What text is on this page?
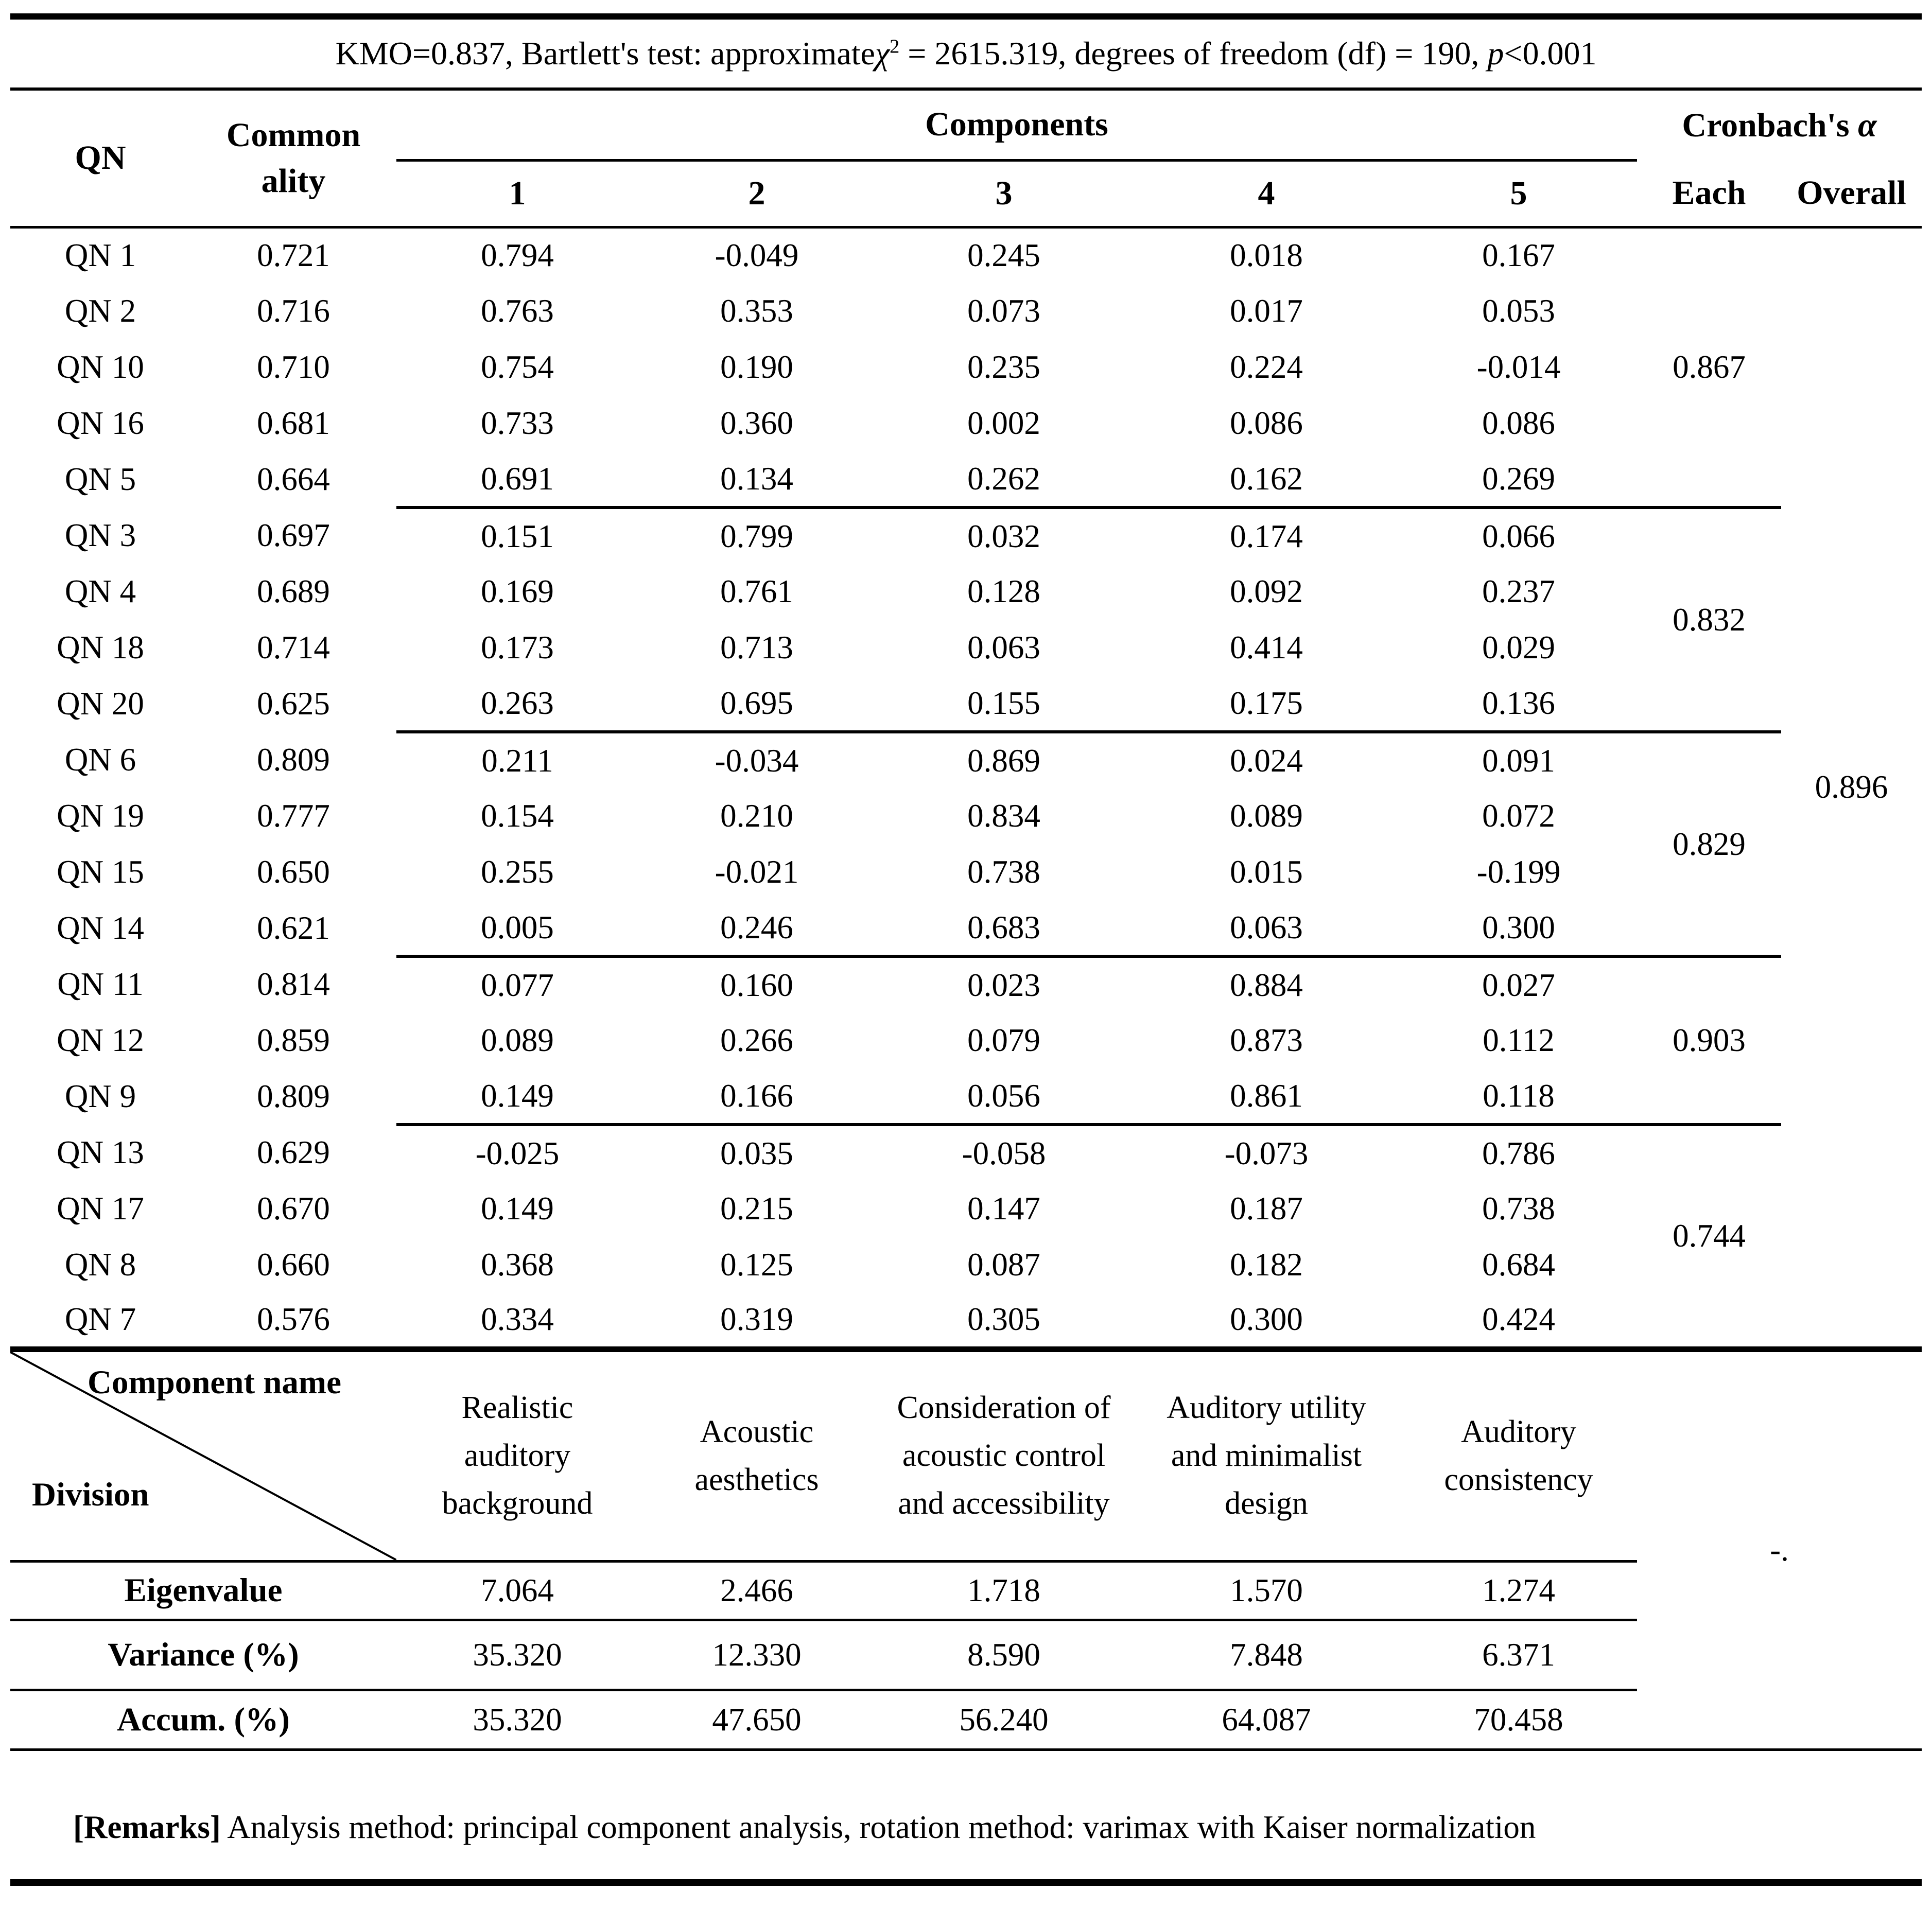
KMO=0.837, Bartlett's test: approximateχ$^2$ = 2615.319, degrees of freedom (df) = 190, p<0.001								
QN	Commonality	Components					Cronbach's α	
		1	2	3	4	5	Each	Overall
QN 1	0.721	0.794	-0.049	0.245	0.018	0.167	0.867	0.896
QN 2	0.716	0.763	0.353	0.073	0.017	0.053		
QN 10	0.710	0.754	0.190	0.235	0.224	-0.014		
QN 16	0.681	0.733	0.360	0.002	0.086	0.086		
QN 5	0.664	0.691	0.134	0.262	0.162	0.269		
QN 3	0.697	0.151	0.799	0.032	0.174	0.066	0.832	
QN 4	0.689	0.169	0.761	0.128	0.092	0.237		
QN 18	0.714	0.173	0.713	0.063	0.414	0.029		
QN 20	0.625	0.263	0.695	0.155	0.175	0.136		
QN 6	0.809	0.211	-0.034	0.869	0.024	0.091	0.829	
QN 19	0.777	0.154	0.210	0.834	0.089	0.072		
QN 15	0.650	0.255	-0.021	0.738	0.015	-0.199		
QN 14	0.621	0.005	0.246	0.683	0.063	0.300		
QN 11	0.814	0.077	0.160	0.023	0.884	0.027	0.903	
QN 12	0.859	0.089	0.266	0.079	0.873	0.112		
QN 9	0.809	0.149	0.166	0.056	0.861	0.118		
QN 13	0.629	-0.025	0.035	-0.058	-0.073	0.786	0.744	
QN 17	0.670	0.149	0.215	0.147	0.187	0.738		
QN 8	0.660	0.368	0.125	0.087	0.182	0.684		
QN 7	0.576	0.334	0.319	0.305	0.300	0.424		

Component name
Division		Realistic auditory background	Acoustic aesthetics	Consideration of acoustic control and accessibility	Auditory utility and minimalist design	Auditory consistency	-.	
Eigenvalue		7.064	2.466	1.718	1.570	1.274		
Variance (%)		35.320	12.330	8.590	7.848	6.371		
Accum. (%)		35.320	47.650	56.240	64.087	70.458		
[Remarks] Analysis method: principal component analysis, rotation method: varimax with Kaiser normalization								
